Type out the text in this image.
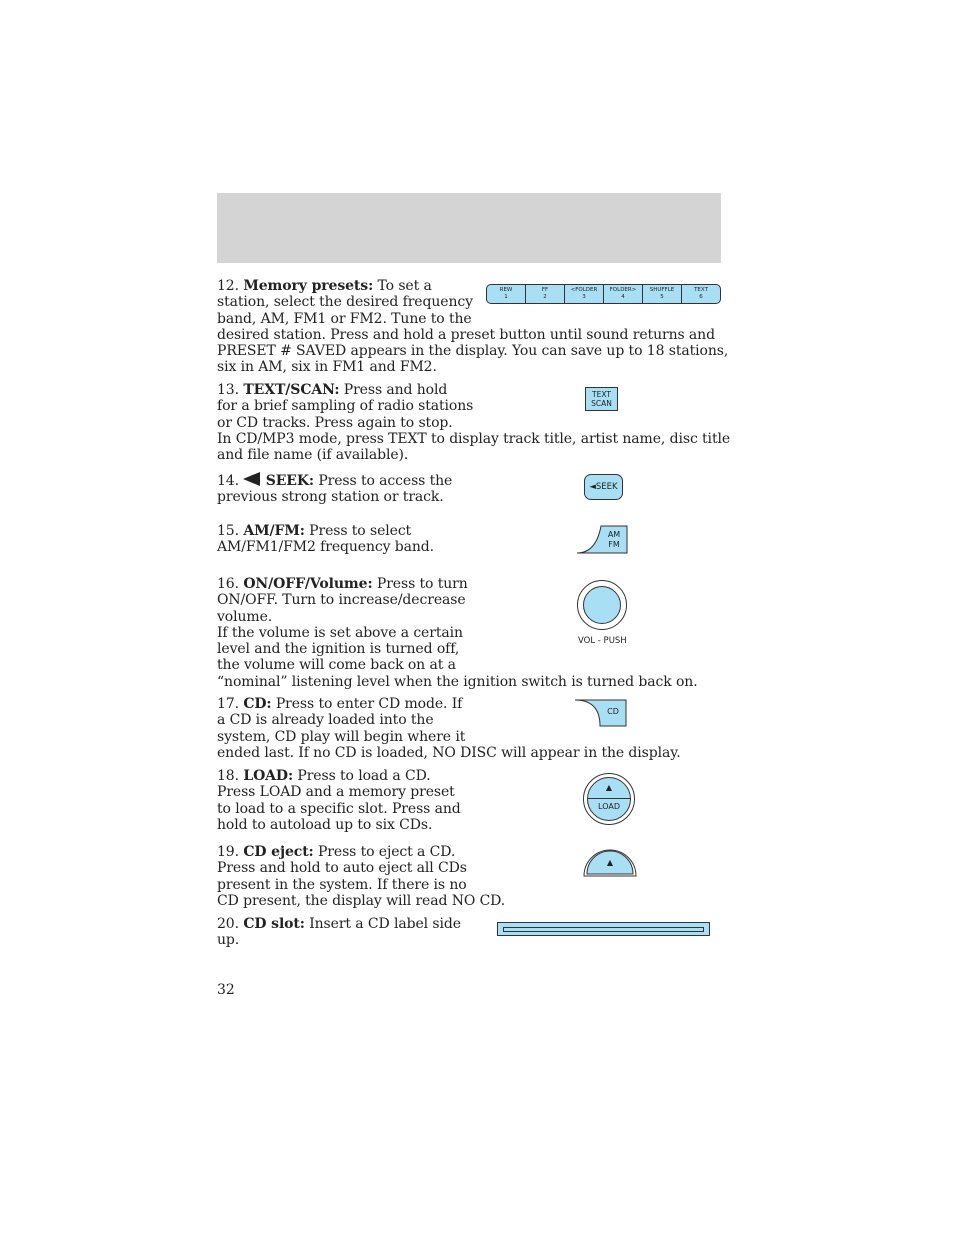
12. Memory presets: To set a
station, select the desired frequency
band, AM, FM1 or FM2. Tune to the
desired station. Press and hold a preset button until sound returns and
PRESET # SAVED appears in the display. You can save up to 18 stations,
six in AM, six in FM1 and FM2.
REW
1
FF
2
<FOLDER
3
FOLDER>
4
SHUFFLE
5
TEXT
6
13. TEXT/SCAN: Press and hold
for a brief sampling of radio stations
or CD tracks. Press again to stop.
In CD/MP3 mode, press TEXT to display track title, artist name, disc title
and file name (if available).
TEXT
SCAN
14. SEEK: Press to access the
previous strong station or track.
◄SEEK
15. AM/FM: Press to select
AM/FM1/FM2 frequency band.
AM
FM
16. ON/OFF/Volume: Press to turn
ON/OFF. Turn to increase/decrease
volume.
If the volume is set above a certain
level and the ignition is turned off,
the volume will come back on at a
“nominal” listening level when the ignition switch is turned back on.
VOL - PUSH
17. CD: Press to enter CD mode. If
a CD is already loaded into the
system, CD play will begin where it
ended last. If no CD is loaded, NO DISC will appear in the display.
CD
18. LOAD: Press to load a CD.
Press LOAD and a memory preset
to load to a specific slot. Press and
hold to autoload up to six CDs.
▲
LOAD
19. CD eject: Press to eject a CD.
Press and hold to auto eject all CDs
present in the system. If there is no
CD present, the display will read NO CD.
▲
20. CD slot: Insert a CD label side
up.
32
